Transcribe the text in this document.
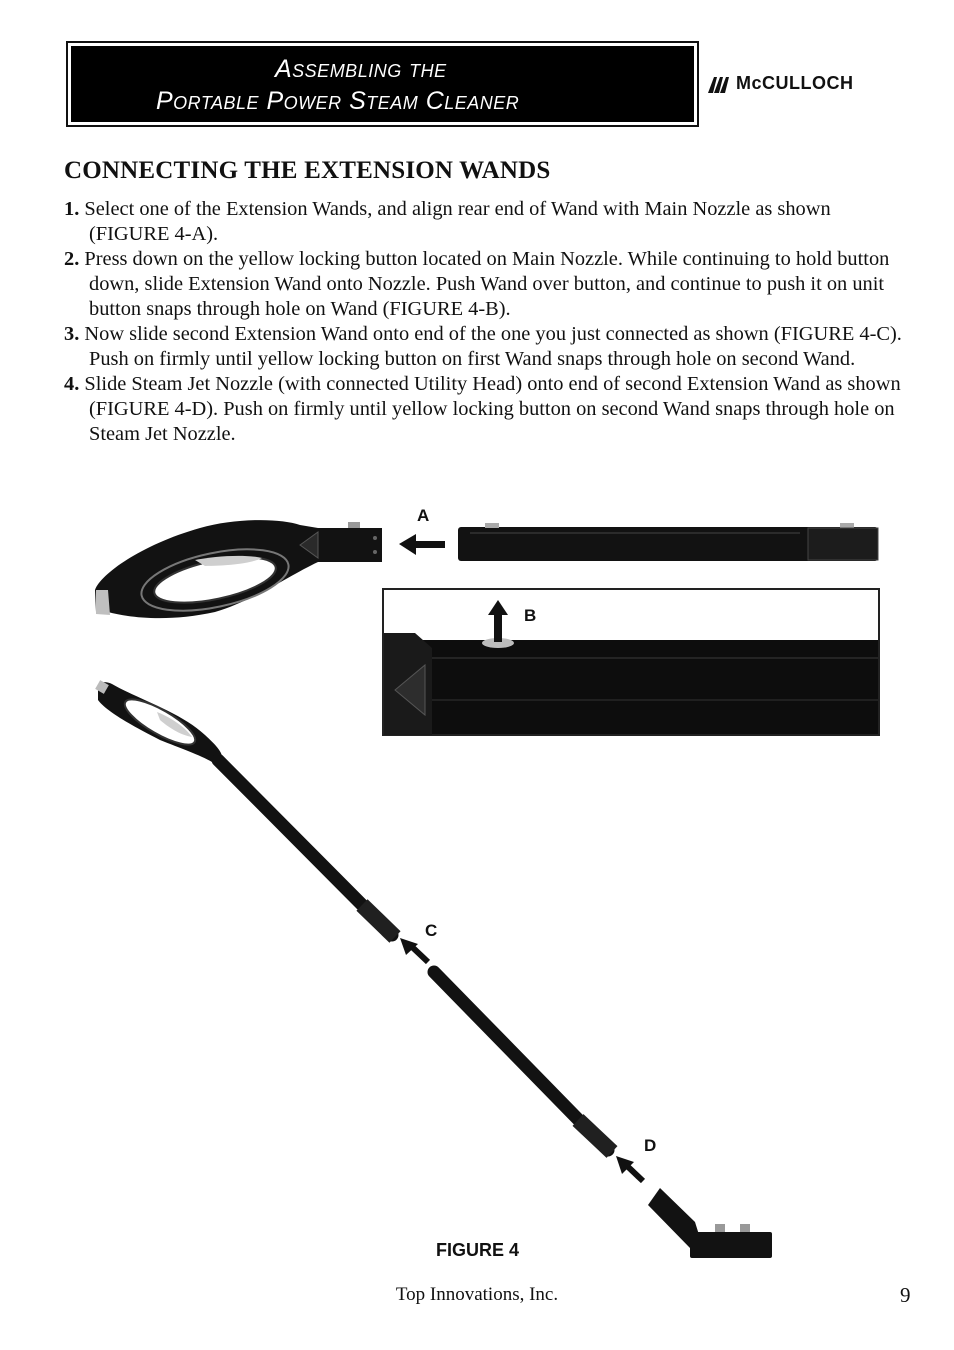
Assembling the
Portable Power Steam Cleaner
McCULLOCH
CONNECTING THE EXTENSION WANDS
1. Select one of the Extension Wands, and align rear end of Wand with Main Nozzle as shown (FIGURE 4-A).
2. Press down on the yellow locking button located on Main Nozzle. While continuing to hold button down, slide Extension Wand onto Nozzle. Push Wand over button, and continue to push it on unit button snaps through hole on Wand (FIGURE 4-B).
3. Now slide second Extension Wand onto end of the one you just connected as shown (FIGURE 4-C). Push on firmly until yellow locking button on first Wand snaps through hole on second Wand.
4. Slide Steam Jet Nozzle (with connected Utility Head) onto end of second Extension Wand as shown (FIGURE 4-D). Push on firmly until yellow locking button on second Wand snaps through hole on Steam Jet Nozzle.
A
B
C
D
FIGURE 4
Top Innovations, Inc.	9
